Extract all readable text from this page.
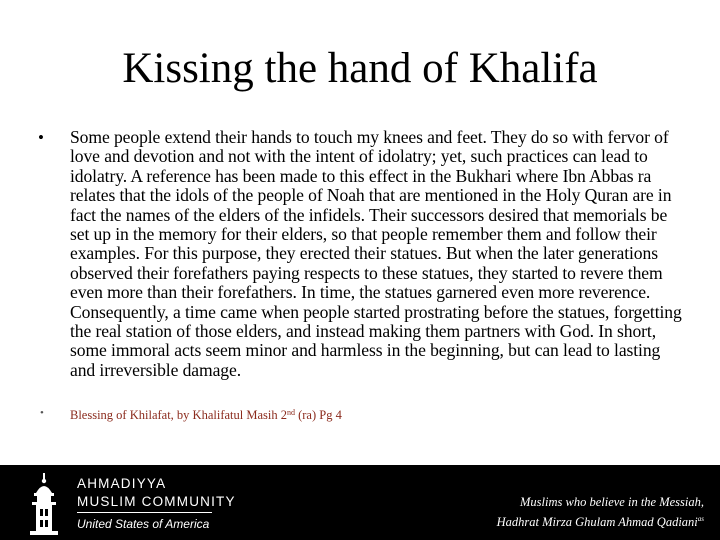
Kissing the hand of Khalifa
• Some people extend their hands to touch my knees and feet. They do so with fervor of love and devotion and not with the intent of idolatry; yet, such practices can lead to idolatry. A reference has been made to this effect in the Bukhari where Ibn Abbas ra relates that the idols of the people of Noah that are mentioned in the Holy Quran are in fact the names of the elders of the infidels. Their successors desired that memorials be set up in the memory for their elders, so that people remember them and follow their examples. For this purpose, they erected their statues. But when the later generations observed their forefathers paying respects to these statues, they started to revere them even more than their forefathers. In time, the statues garnered even more reverence. Consequently, a time came when people started prostrating before the statues, forgetting the real station of those elders, and instead making them partners with God. In short, some immoral acts seem minor and harmless in the beginning, but can lead to lasting and irreversible damage.
• Blessing of Khilafat, by Khalifatul Masih 2nd (ra) Pg 4
AHMADIYYA
MUSLIM COMMUNITY
United States of America
Muslims who believe in the Messiah,
Hadhrat Mirza Ghulam Ahmad Qadiani$^{as}$
